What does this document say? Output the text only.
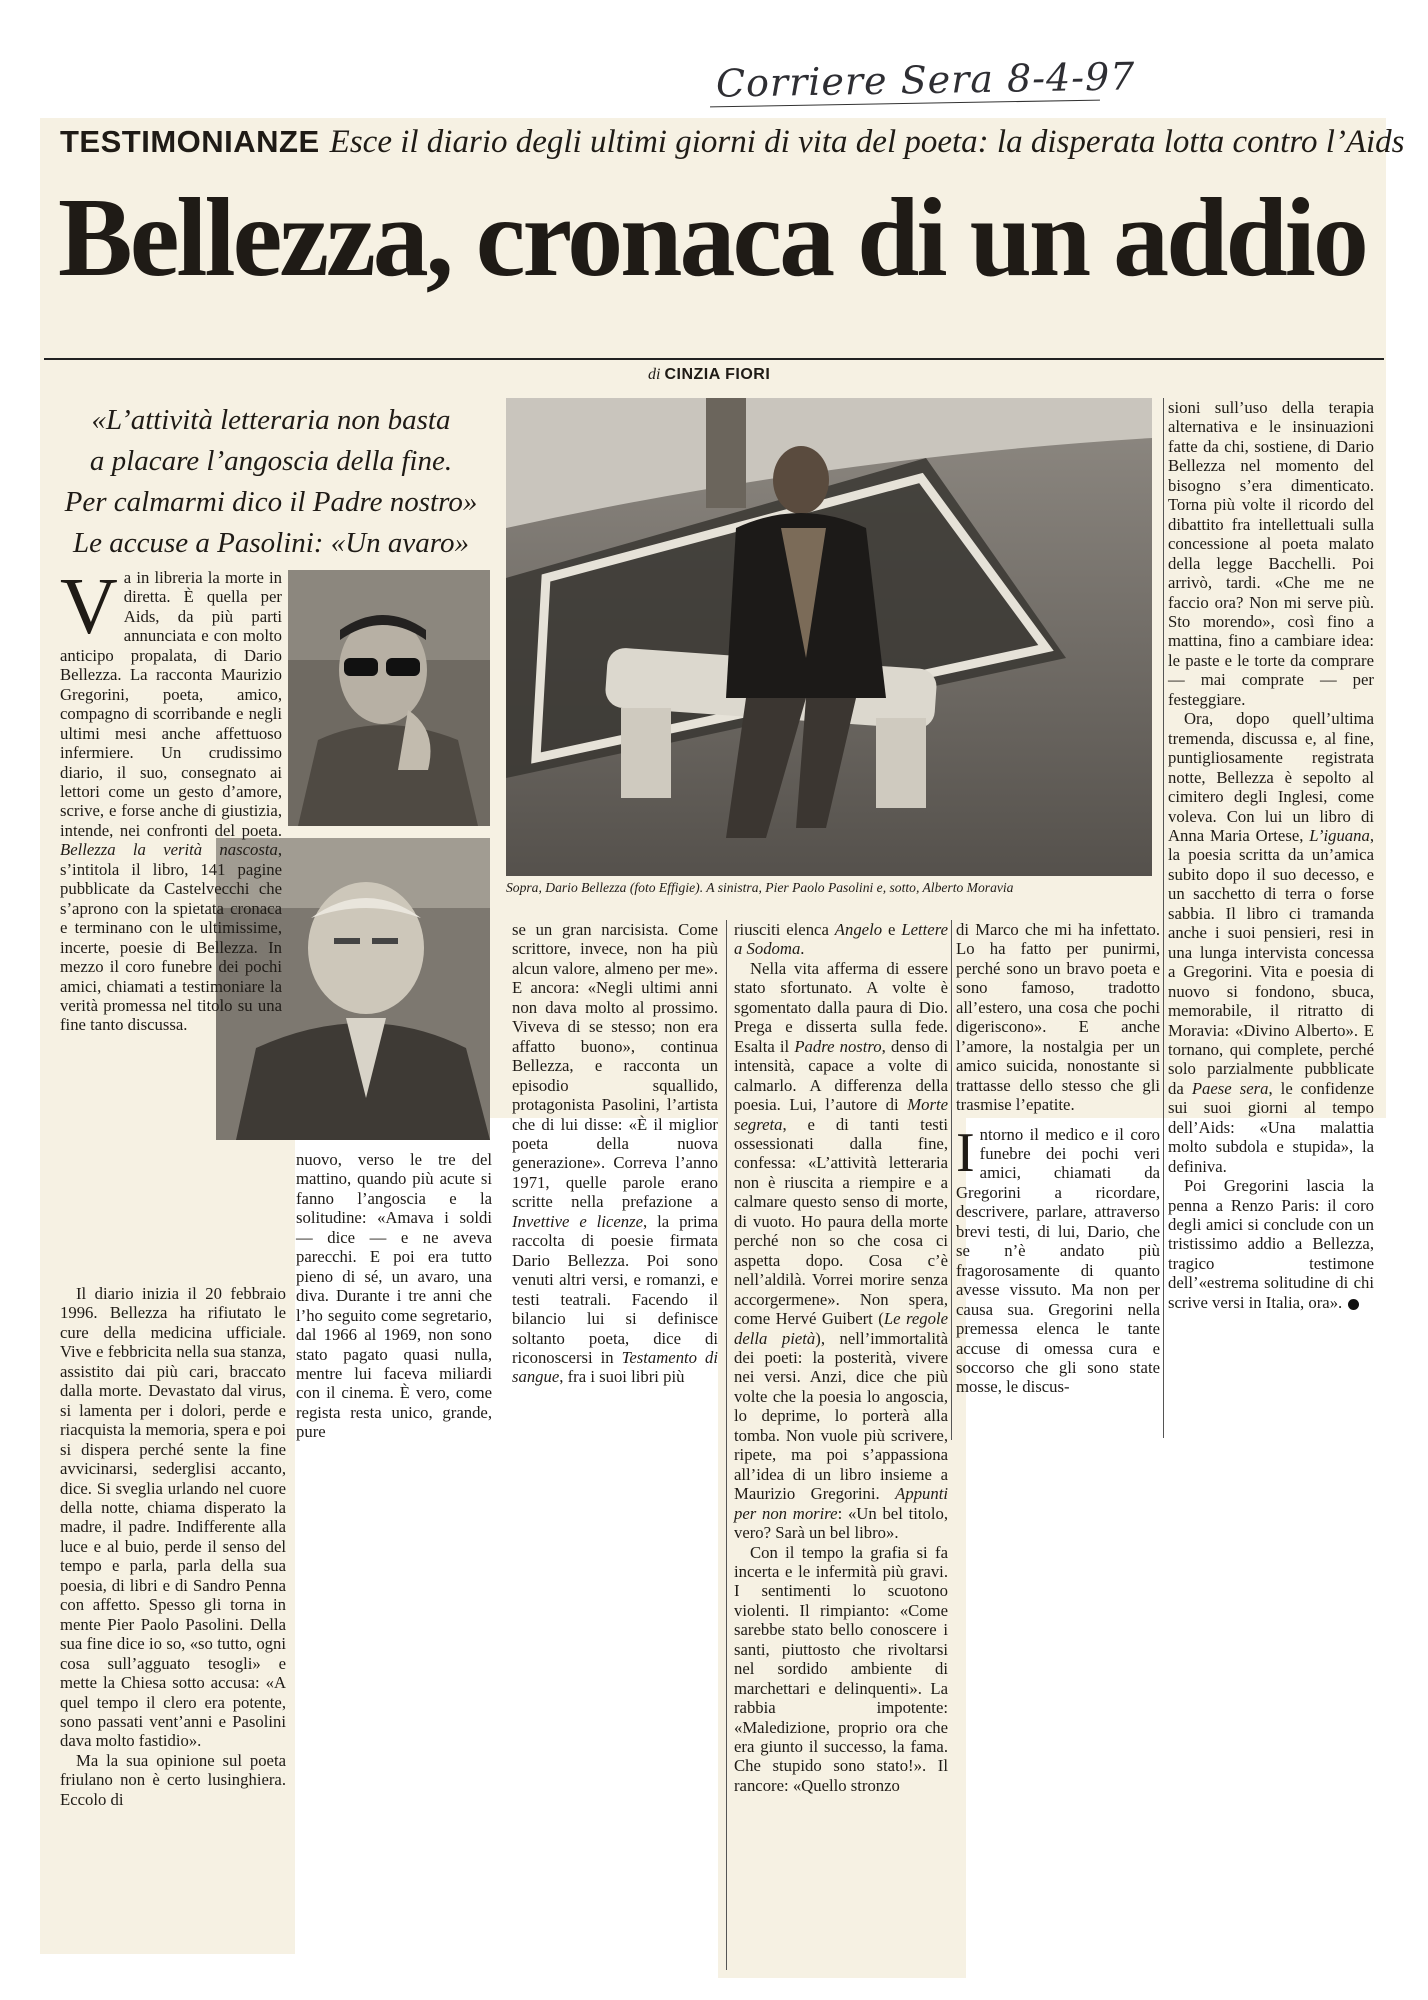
Corriere Sera 8-4-97
TESTIMONIANZE Esce il diario degli ultimi giorni di vita del poeta: la disperata lotta contro l’Aids
Bellezza, cronaca di un addio
di CINZIA FIORI
«L’attività letteraria non basta
a placare l’angoscia della fine.
Per calmarmi dico il Padre nostro»
Le accuse a Pasolini: «Un avaro»
Sopra, Dario Bellezza (foto Effigie). A sinistra, Pier Paolo Pasolini e, sotto, Alberto Moravia

Va in libreria la morte in diretta. È quella per Aids, da più parti annunciata e con molto anticipo propalata, di Dario Bellezza. La racconta Maurizio Gregorini, poeta, amico, compagno di scorribande e negli ultimi mesi anche affettuoso infermiere. Un crudissimo diario, il suo, consegnato ai lettori come un gesto d’amore, scrive, e forse anche di giustizia, intende, nei confronti del poeta. Bellezza la verità nascosta, s’intitola il libro, 141 pagine pubblicate da Castelvecchi che s’aprono con la spietata cronaca e terminano con le ultimissime, incerte, poesie di Bellezza. In mezzo il coro funebre dei pochi amici, chiamati a testimoniare la verità promessa nel titolo su una fine tanto discussa.

Il diario inizia il 20 febbraio 1996. Bellezza ha rifiutato le cure della medicina ufficiale. Vive e febbricita nella sua stanza, assistito dai più cari, braccato dalla morte. Devastato dal virus, si lamenta per i dolori, perde e riacquista la memoria, spera e poi si dispera perché sente la fine avvicinarsi, sederglisi accanto, dice. Si sveglia urlando nel cuore della notte, chiama disperato la madre, il padre. Indifferente alla luce e al buio, perde il senso del tempo e parla, parla della sua poesia, di libri e di Sandro Penna con affetto. Spesso gli torna in mente Pier Paolo Pasolini. Della sua fine dice io so, «so tutto, ogni cosa sull’agguato tesogli» e mette la Chiesa sotto accusa: «A quel tempo il clero era potente, sono passati vent’anni e Pasolini dava molto fastidio».

Ma la sua opinione sul poeta friulano non è certo lusinghiera. Eccolo di

nuovo, verso le tre del mattino, quando più acute si fanno l’angoscia e la solitudine: «Amava i soldi — dice — e ne aveva parecchi. E poi era tutto pieno di sé, un avaro, una diva. Durante i tre anni che l’ho seguito come segretario, dal 1966 al 1969, non sono stato pagato quasi nulla, mentre lui faceva miliardi con il cinema. È vero, come regista resta unico, grande, pure

se un gran narcisista. Come scrittore, invece, non ha più alcun valore, almeno per me». E ancora: «Negli ultimi anni non dava molto al prossimo. Viveva di se stesso; non era affatto buono», continua Bellezza, e racconta un episodio squallido, protagonista Pasolini, l’artista che di lui disse: «È il miglior poeta della nuova generazione». Correva l’anno 1971, quelle parole erano scritte nella prefazione a Invettive e licenze, la prima raccolta di poesie firmata Dario Bellezza. Poi sono venuti altri versi, e romanzi, e testi teatrali. Facendo il bilancio lui si definisce soltanto poeta, dice di riconoscersi in Testamento di sangue, fra i suoi libri più

riusciti elenca Angelo e Lettere a Sodoma.

Nella vita afferma di essere stato sfortunato. A volte è sgomentato dalla paura di Dio. Prega e disserta sulla fede. Esalta il Padre nostro, denso di intensità, capace a volte di calmarlo. A differenza della poesia. Lui, l’autore di Morte segreta, e di tanti testi ossessionati dalla fine, confessa: «L’attività letteraria non è riuscita a riempire e a calmare questo senso di morte, di vuoto. Ho paura della morte perché non so che cosa ci aspetta dopo. Cosa c’è nell’aldilà. Vorrei morire senza accorgermene». Non spera, come Hervé Guibert (Le regole della pietà), nell’immortalità dei poeti: la posterità, vivere nei versi. Anzi, dice che più volte che la poesia lo angoscia, lo deprime, lo porterà alla tomba. Non vuole più scrivere, ripete, ma poi s’appassiona all’idea di un libro insieme a Maurizio Gregorini. Appunti per non morire: «Un bel titolo, vero? Sarà un bel libro».

Con il tempo la grafia si fa incerta e le infermità più gravi. I sentimenti lo scuotono violenti. Il rimpianto: «Come sarebbe stato bello conoscere i santi, piuttosto che rivoltarsi nel sordido ambiente di marchettari e delinquenti». La rabbia impotente: «Maledizione, proprio ora che era giunto il successo, la fama. Che stupido sono stato!». Il rancore: «Quello stronzo

di Marco che mi ha infettato. Lo ha fatto per punirmi, perché sono un bravo poeta e sono famoso, tradotto all’estero, una cosa che pochi digeriscono». E anche l’amore, la nostalgia per un amico suicida, nonostante si trattasse dello stesso che gli trasmise l’epatite.

Intorno il medico e il coro funebre dei pochi veri amici, chiamati da Gregorini a ricordare, descrivere, parlare, attraverso brevi testi, di lui, Dario, che se n’è andato più fragorosamente di quanto avesse vissuto. Ma non per causa sua. Gregorini nella premessa elenca le tante accuse di omessa cura e soccorso che gli sono state mosse, le discus-

sioni sull’uso della terapia alternativa e le insinuazioni fatte da chi, sostiene, di Dario Bellezza nel momento del bisogno s’era dimenticato. Torna più volte il ricordo del dibattito fra intellettuali sulla concessione al poeta malato della legge Bacchelli. Poi arrivò, tardi. «Che me ne faccio ora? Non mi serve più. Sto morendo», così fino a mattina, fino a cambiare idea: le paste e le torte da comprare — mai comprate — per festeggiare.

Ora, dopo quell’ultima tremenda, discussa e, al fine, puntigliosamente registrata notte, Bellezza è sepolto al cimitero degli Inglesi, come voleva. Con lui un libro di Anna Maria Ortese, L’iguana, la poesia scritta da un’amica subito dopo il suo decesso, e un sacchetto di terra o forse sabbia. Il libro ci tramanda anche i suoi pensieri, resi in una lunga intervista concessa a Gregorini. Vita e poesia di nuovo si fondono, sbuca, memorabile, il ritratto di Moravia: «Divino Alberto». E tornano, qui complete, perché solo parzialmente pubblicate da Paese sera, le confidenze sui suoi giorni al tempo dell’Aids: «Una malattia molto subdola e stupida», la definiva.

Poi Gregorini lascia la penna a Renzo Paris: il coro degli amici si conclude con un tristissimo addio a Bellezza, tragico testimone dell’«estrema solitudine di chi scrive versi in Italia, ora».
